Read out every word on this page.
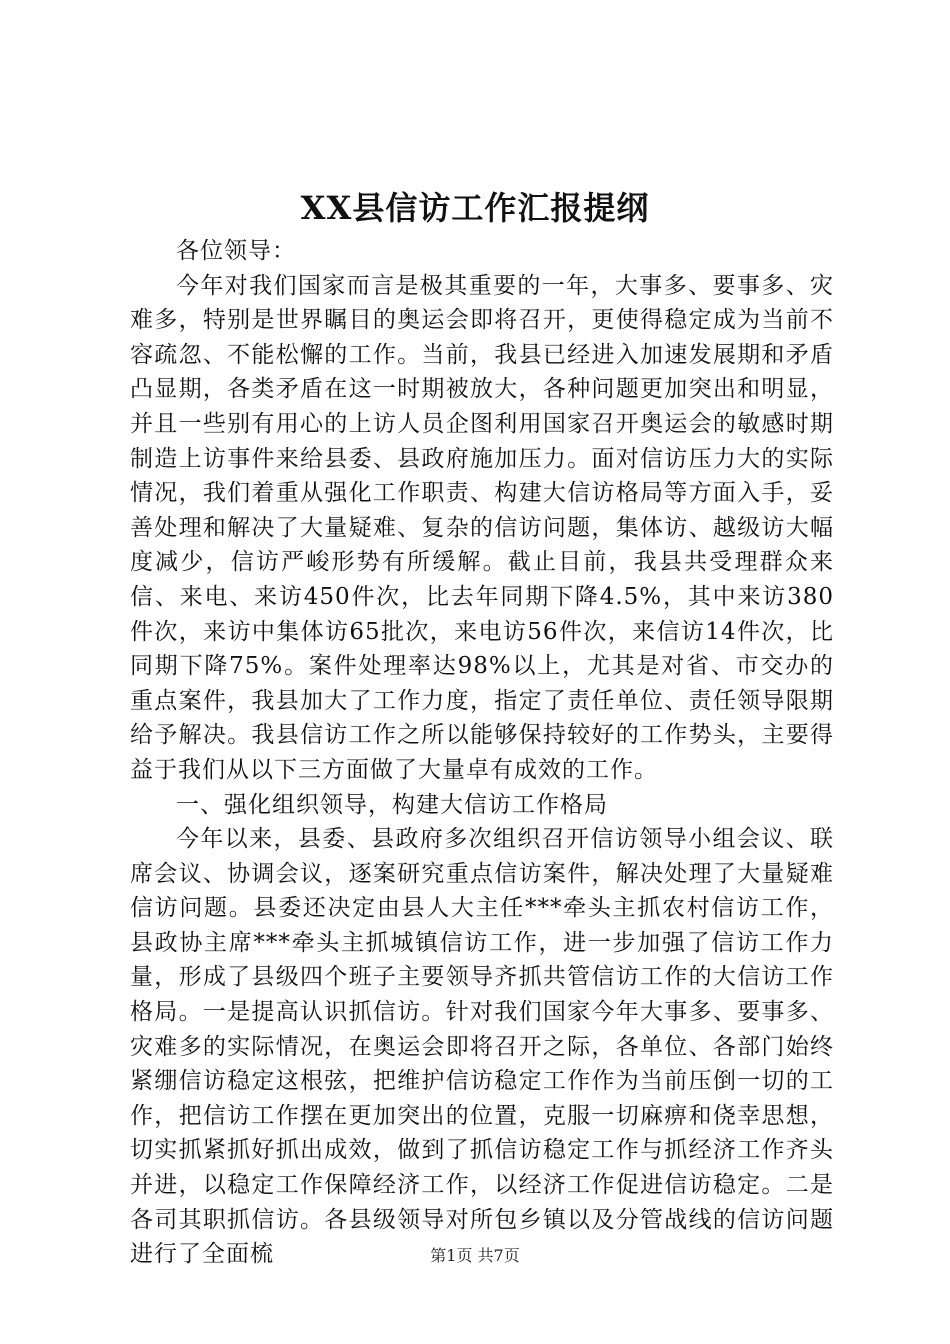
XX县信访工作汇报提纲

各位领导：

今年对我们国家而言是极其重要的一年，大事多、要事多、灾难多，特别是世界瞩目的奥运会即将召开，更使得稳定成为当前不容疏忽、不能松懈的工作。当前，我县已经进入加速发展期和矛盾凸显期，各类矛盾在这一时期被放大，各种问题更加突出和明显，并且一些别有用心的上访人员企图利用国家召开奥运会的敏感时期制造上访事件来给县委、县政府施加压力。面对信访压力大的实际情况，我们着重从强化工作职责、构建大信访格局等方面入手，妥善处理和解决了大量疑难、复杂的信访问题，集体访、越级访大幅度减少，信访严峻形势有所缓解。截止目前，我县共受理群众来信、来电、来访450件次，比去年同期下降4.5%，其中来访380件次，来访中集体访65批次，来电访56件次，来信访14件次，比同期下降75%。案件处理率达98%以上，尤其是对省、市交办的重点案件，我县加大了工作力度，指定了责任单位、责任领导限期给予解决。我县信访工作之所以能够保持较好的工作势头，主要得益于我们从以下三方面做了大量卓有成效的工作。

一、强化组织领导，构建大信访工作格局

今年以来，县委、县政府多次组织召开信访领导小组会议、联席会议、协调会议，逐案研究重点信访案件，解决处理了大量疑难信访问题。县委还决定由县人大主任***牵头主抓农村信访工作，县政协主席***牵头主抓城镇信访工作，进一步加强了信访工作力量，形成了县级四个班子主要领导齐抓共管信访工作的大信访工作格局。一是提高认识抓信访。针对我们国家今年大事多、要事多、灾难多的实际情况，在奥运会即将召开之际，各单位、各部门始终紧绷信访稳定这根弦，把维护信访稳定工作作为当前压倒一切的工作，把信访工作摆在更加突出的位置，克服一切麻痹和侥幸思想，切实抓紧抓好抓出成效，做到了抓信访稳定工作与抓经济工作齐头并进，以稳定工作保障经济工作，以经济工作促进信访稳定。二是各司其职抓信访。各县级领导对所包乡镇以及分管战线的信访问题进行了全面梳	第1页 共7页
